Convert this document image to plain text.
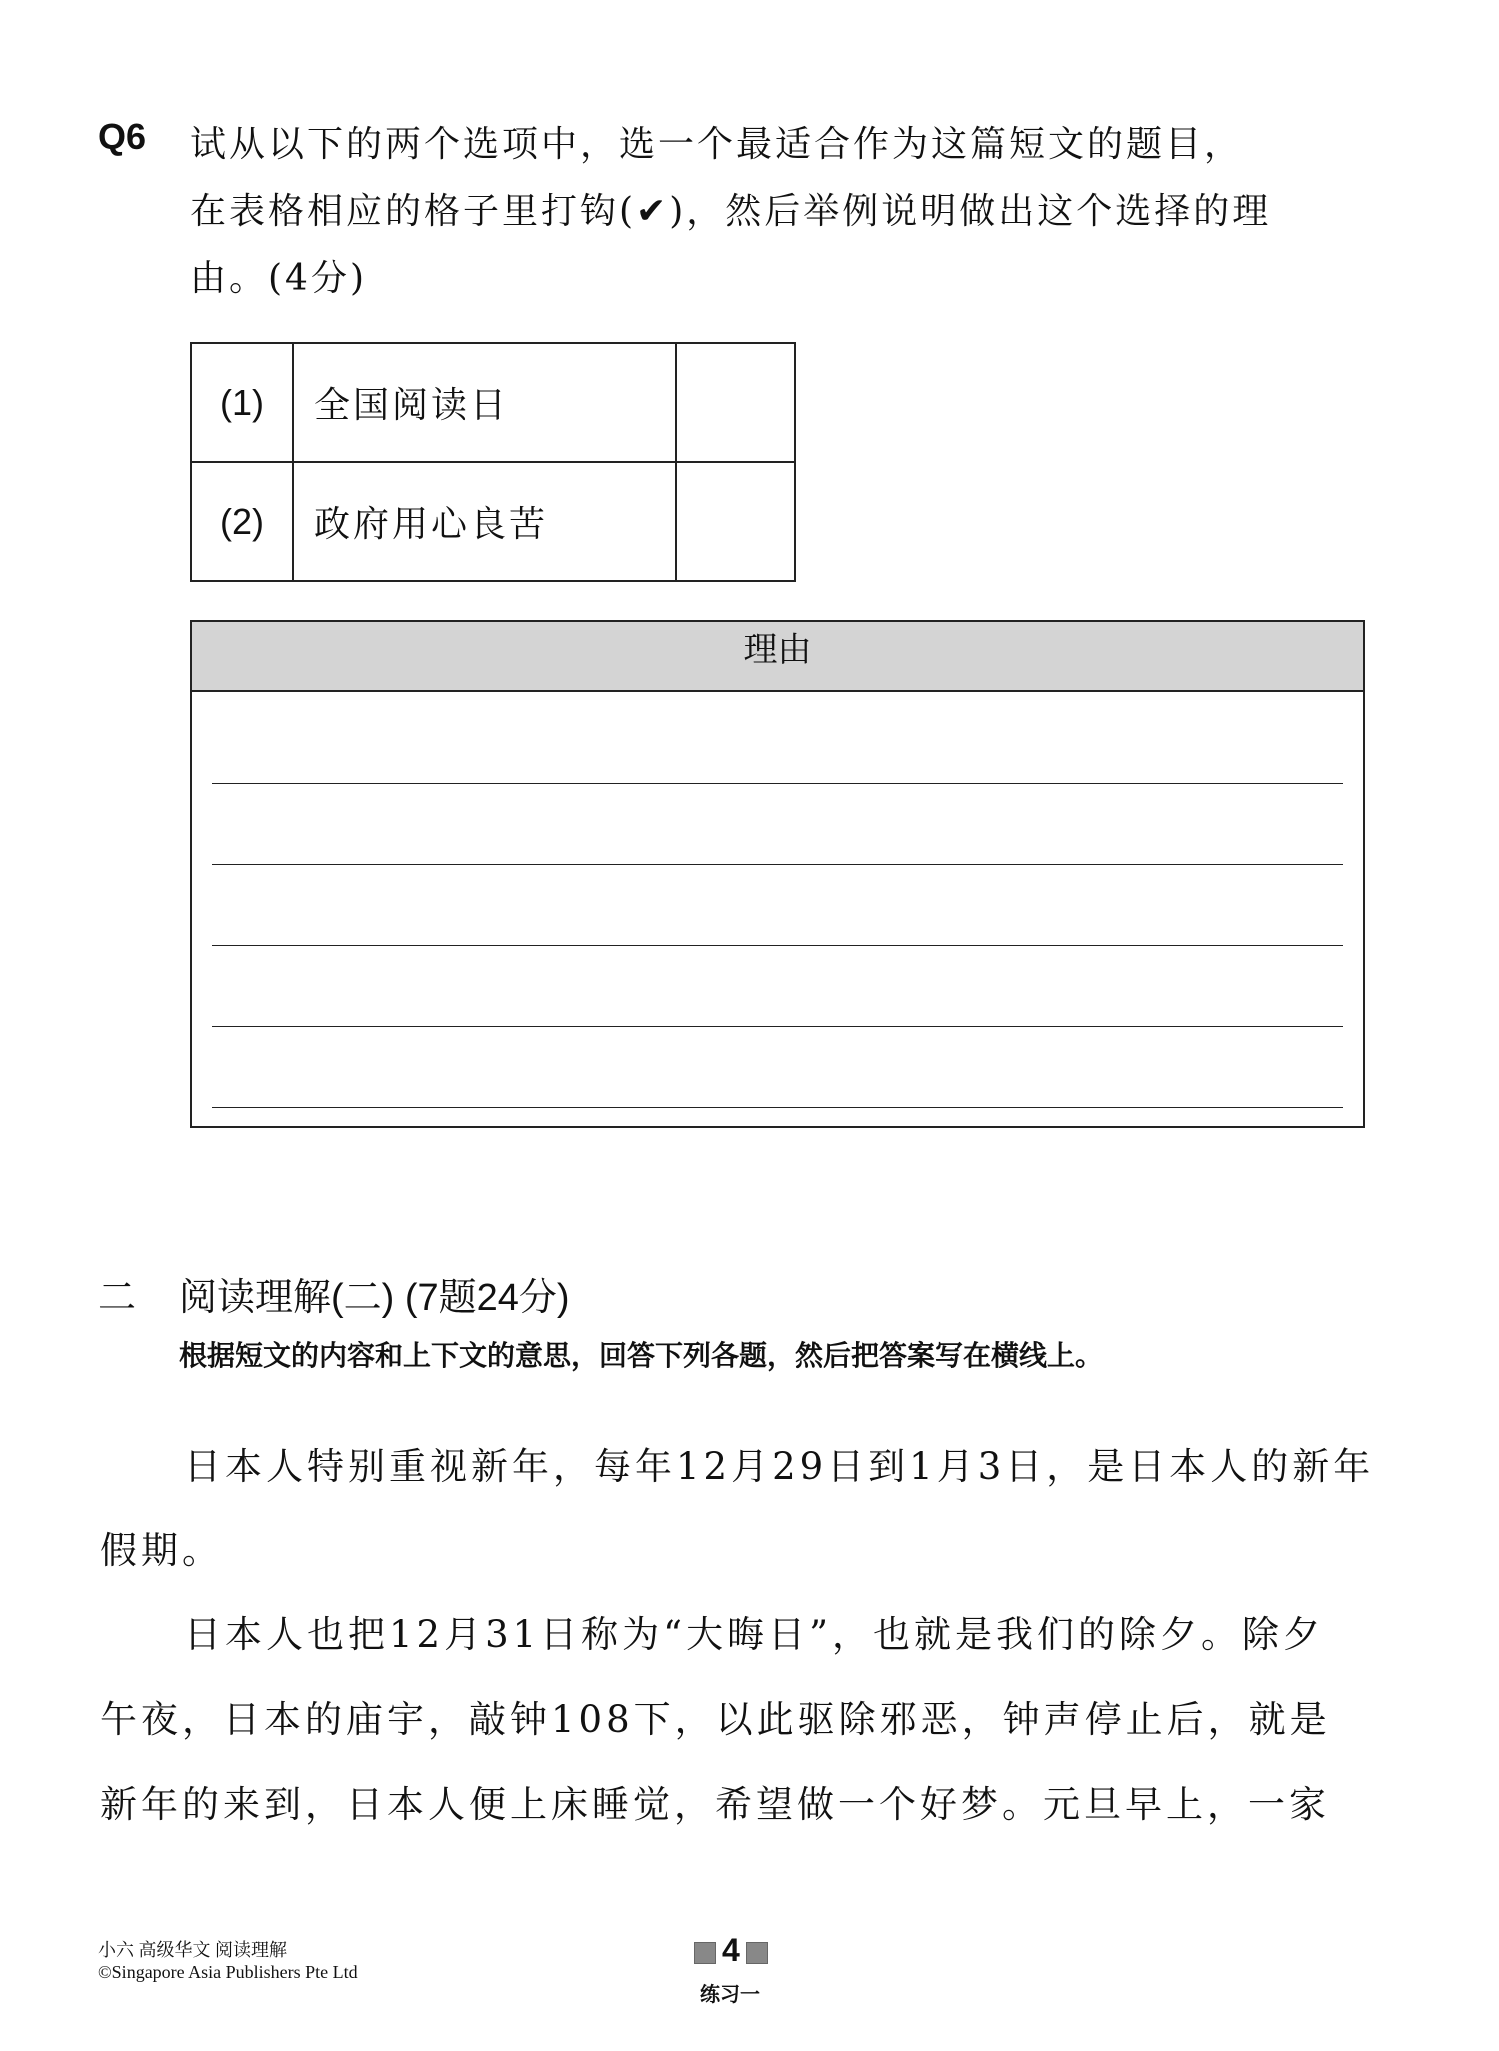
Q6 试从以下的两个选项中，选一个最适合作为这篇短文的题目，
在表格相应的格子里打钩(✔)，然后举例说明做出这个选择的理
由。(4分)
(1)	全国阅读日	
(2)	政府用心良苦	
理由
二 阅读理解(二) (7题24分)
根据短文的内容和上下文的意思，回答下列各题，然后把答案写在横线上。
日本人特别重视新年，每年12月29日到1月3日，是日本人的新年
假期。
日本人也把12月31日称为“大晦日”，也就是我们的除夕。除夕
午夜，日本的庙宇，敲钟108下，以此驱除邪恶，钟声停止后，就是
新年的来到，日本人便上床睡觉，希望做一个好梦。元旦早上，一家
小六 高级华文 阅读理解
©Singapore Asia Publishers Pte Ltd
4
练习一
